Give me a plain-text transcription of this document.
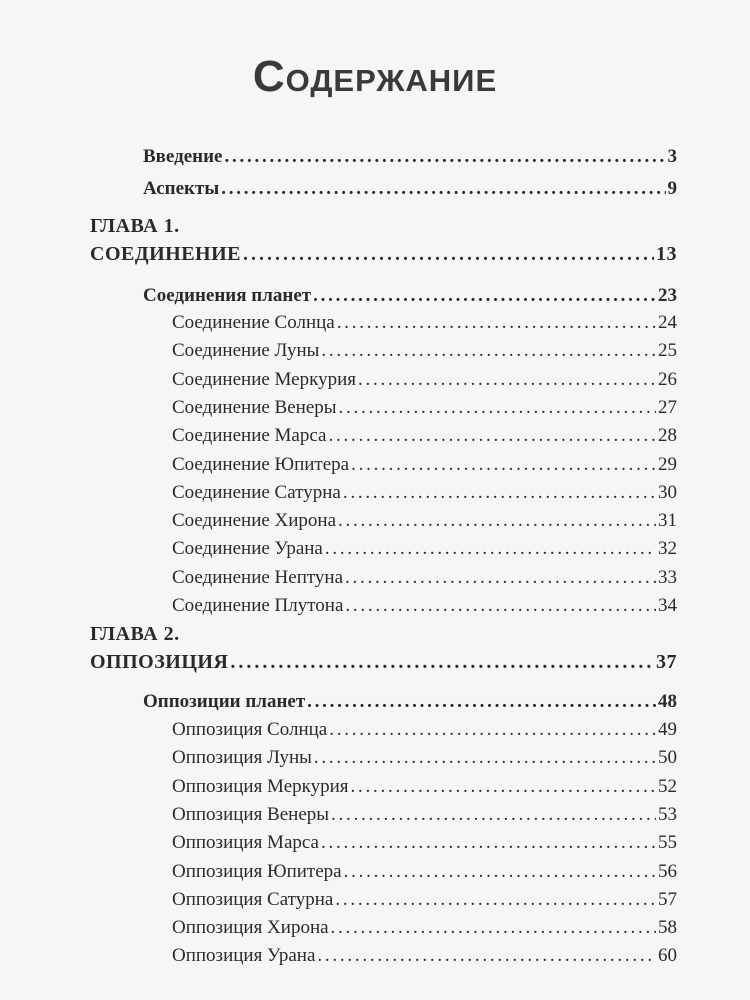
Содержание
Введение . . .	3
Аспекты . . .	9
ГЛАВА 1.
СОЕДИНЕНИЕ . . .	13
Соединения планет . . .	23
Соединение Солнца . . .	24
Соединение Луны . . .	25
Соединение Меркурия . . .	26
Соединение Венеры . . .	27
Соединение Марса . . .	28
Соединение Юпитера . . .	29
Соединение Сатурна . . .	30
Соединение Хирона . . .	31
Соединение Урана . . .	32
Соединение Нептуна . . .	33
Соединение Плутона . . .	34
ГЛАВА 2.
ОППОЗИЦИЯ . . .	37
Оппозиции планет . . .	48
Оппозиция Солнца . . .	49
Оппозиция Луны . . .	50
Оппозиция Меркурия . . .	52
Оппозиция Венеры . . .	53
Оппозиция Марса . . .	55
Оппозиция Юпитера . . .	56
Оппозиция Сатурна . . .	57
Оппозиция Хирона . . .	58
Оппозиция Урана . . .	60
